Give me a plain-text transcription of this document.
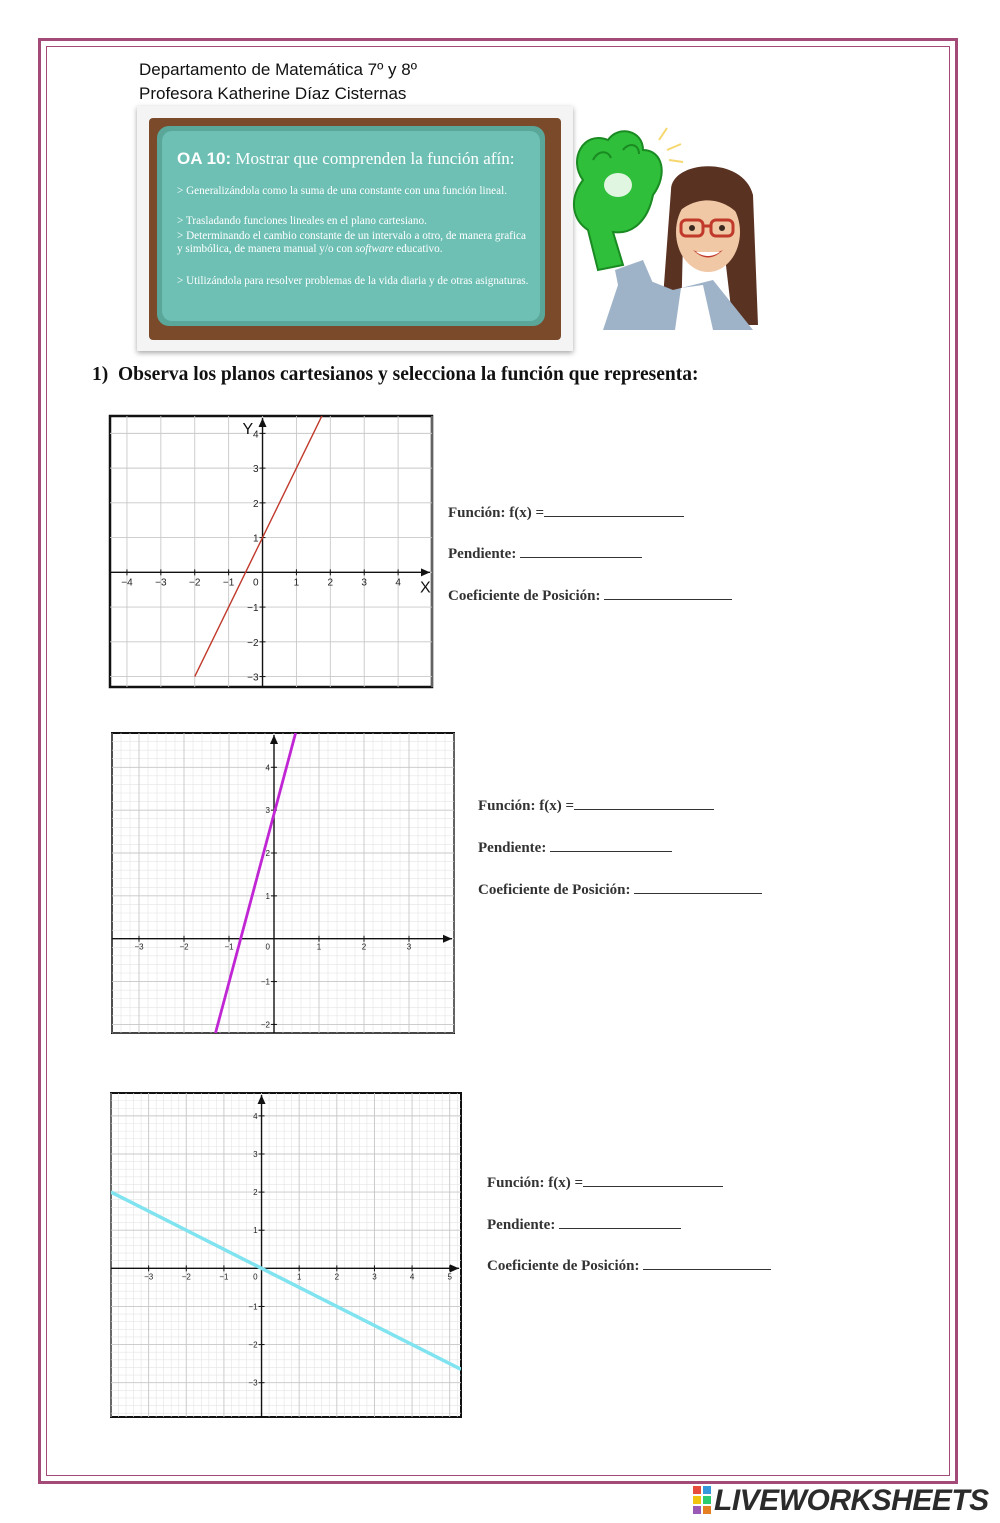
Departamento de Matemática 7º y 8º
Profesora Katherine Díaz Cisternas
OA 10: Mostrar que comprenden la función afín:
> Generalizándola como la suma de una constante con una función lineal.
> Trasladando funciones lineales en el plano cartesiano.
> Determinando el cambio constante de un intervalo a otro, de manera grafica y simbólica, de manera manual y/o con software educativo.
> Utilizándola para resolver problemas de la vida diaria y de otras asignaturas.
1) Observa los planos cartesianos y selecciona la función que representa:
−4 −3 −2 −1	1	2	3	4
−3
−2
−1
1
2
3
4
0	X
Y
−3	−2	−1	1	2	3
−2
−1
1
2
3
4
0
−3	−2	−1	1	2	3	4	5
−3
−2
−1
1
2
3
4
0
Función: f(x) =
Pendiente:
Coeficiente de Posición:
Función: f(x) =
Pendiente:
Coeficiente de Posición:
Función: f(x) =
Pendiente:
Coeficiente de Posición:
LIVEWORKSHEETS
